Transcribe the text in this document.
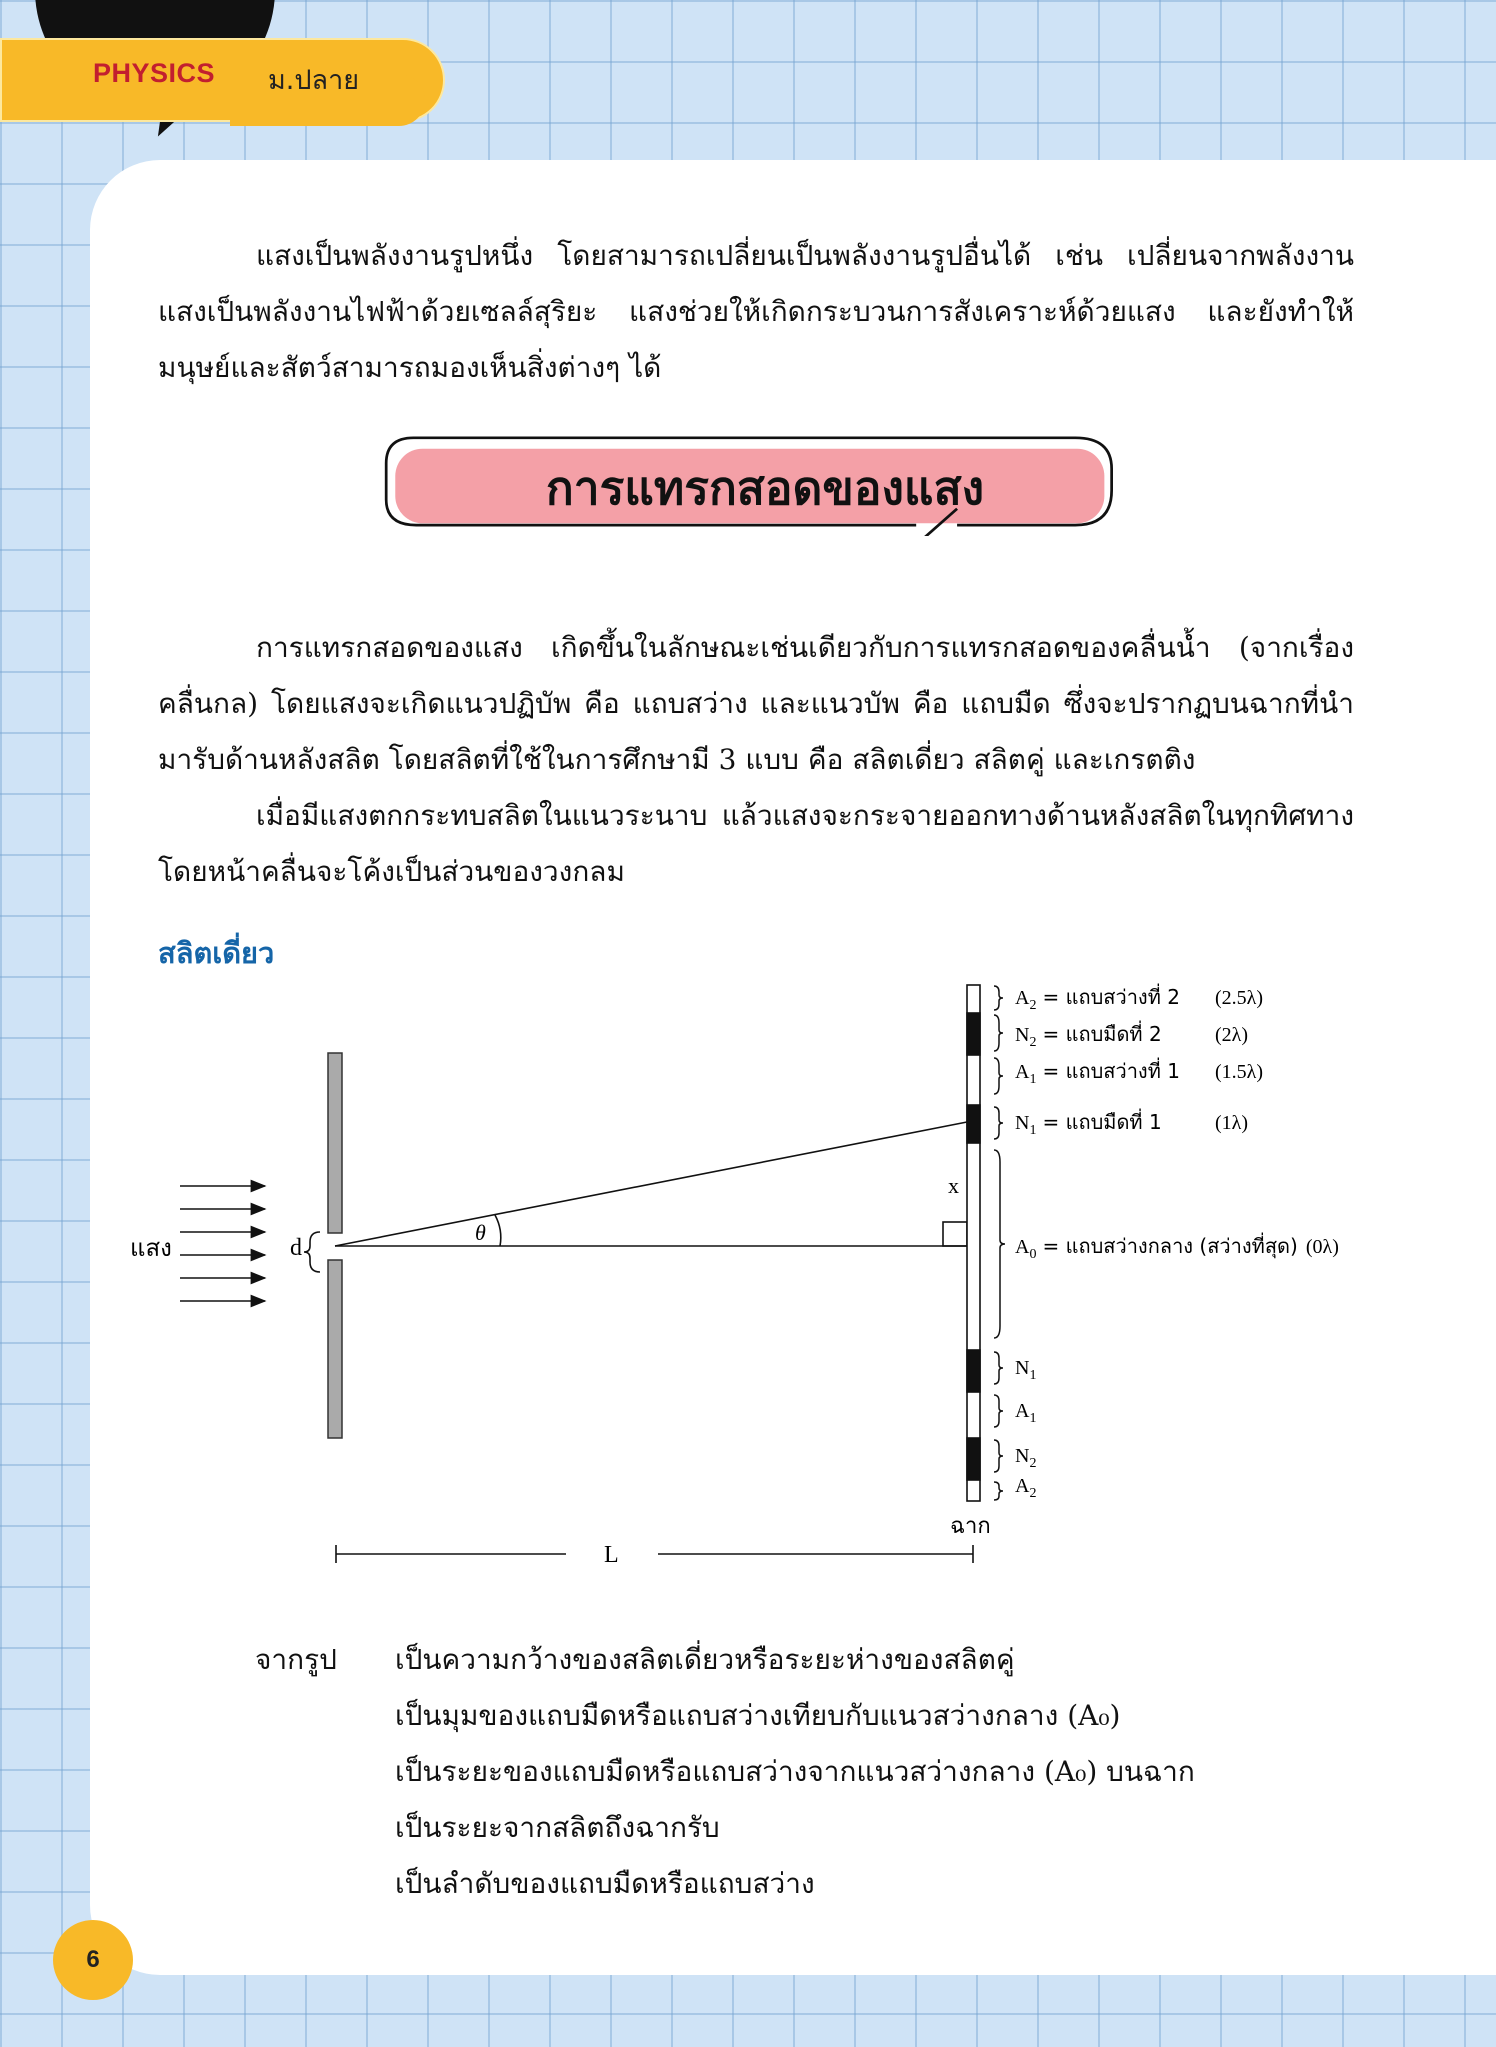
PHYSICS ม.ปลาย
แสงเป็นพลังงานรูปหนึ่ง โดยสามารถเปลี่ยนเป็นพลังงานรูปอื่นได้ เช่น เปลี่ยนจากพลังงานแสงเป็นพลังงานไฟฟ้าด้วยเซลล์สุริยะ แสงช่วยให้เกิดกระบวนการสังเคราะห์ด้วยแสง และยังทำให้มนุษย์และสัตว์สามารถมองเห็นสิ่งต่างๆ ได้
การแทรกสอดของแสง
การแทรกสอดของแสง เกิดขึ้นในลักษณะเช่นเดียวกับการแทรกสอดของคลื่นน้ำ (จากเรื่องคลื่นกล) โดยแสงจะเกิดแนวปฏิบัพ คือ แถบสว่าง และแนวบัพ คือ แถบมืด ซึ่งจะปรากฏบนฉากที่นำมารับด้านหลังสลิต โดยสลิตที่ใช้ในการศึกษามี 3 แบบ คือ สลิตเดี่ยว สลิตคู่ และเกรตติง
เมื่อมีแสงตกกระทบสลิตในแนวระนาบ แล้วแสงจะกระจายออกทางด้านหลังสลิตในทุกทิศทาง โดยหน้าคลื่นจะโค้งเป็นส่วนของวงกลม
สลิตเดี่ยว
แสง	d
θ
x
ฉาก
$A_2$ = แถบสว่างที่ 2 (2.5λ)
$N_2$ = แถบมืดที่ 2	(2λ)
$A_1$ = แถบสว่างที่ 1 (1.5λ)
$N_1$ = แถบมืดที่ 1	(1λ)
$A_0$ = แถบสว่างกลาง (สว่างที่สุด) (0λ)
$N_1$
$A_1$
$N_2$
$A_2$
L
จากรูป เป็นความกว้างของสลิตเดี่ยวหรือระยะห่างของสลิตคู่
เป็นมุมของแถบมืดหรือแถบสว่างเทียบกับแนวสว่างกลาง (A₀)
เป็นระยะของแถบมืดหรือแถบสว่างจากแนวสว่างกลาง (A₀) บนฉาก
เป็นระยะจากสลิตถึงฉากรับ
เป็นลำดับของแถบมืดหรือแถบสว่าง
6
